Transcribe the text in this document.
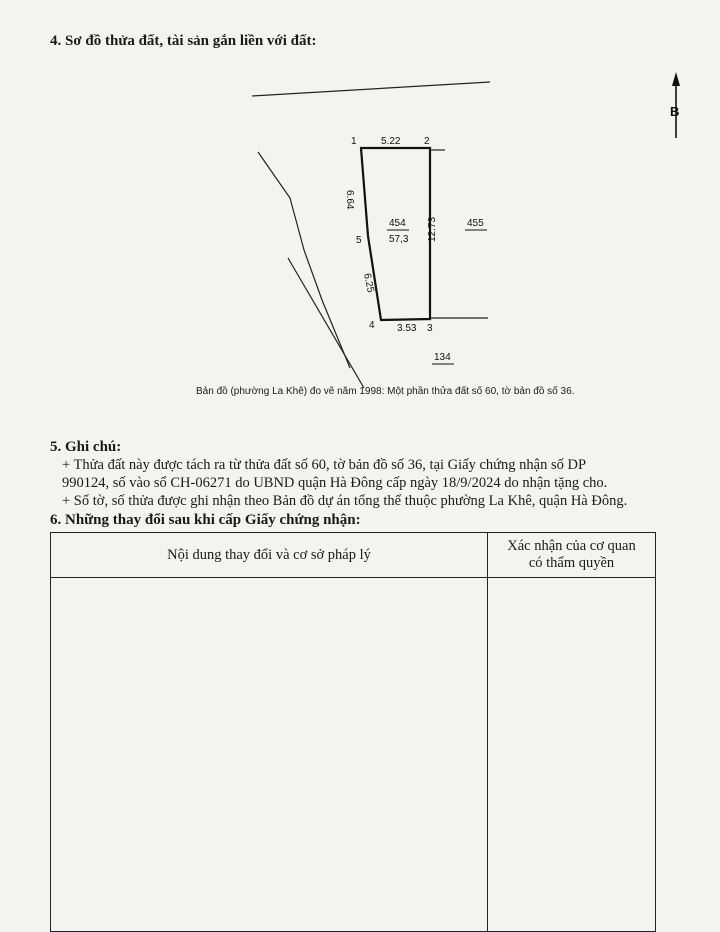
4. Sơ đồ thửa đất, tài sản gắn liền với đất:
B
1	2
3
4
5
5.22
12.73
6.64
6.25
3.53
454
57,3
455
134
Bản đồ (phường La Khê) đo vẽ năm 1998: Một phần thửa đất số 60, tờ bản đồ số 36.
5. Ghi chú:
+ Thửa đất này được tách ra từ thửa đất số 60, tờ bản đồ số 36, tại Giấy chứng nhận số DP
990124, số vào sổ CH-06271 do UBND quận Hà Đông cấp ngày 18/9/2024 do nhận tặng cho.
+ Số tờ, số thửa được ghi nhận theo Bản đồ dự án tổng thể thuộc phường La Khê, quận Hà Đông.
6. Những thay đổi sau khi cấp Giấy chứng nhận:
Nội dung thay đổi và cơ sở pháp lý	Xác nhận của cơ quan
có thẩm quyền
